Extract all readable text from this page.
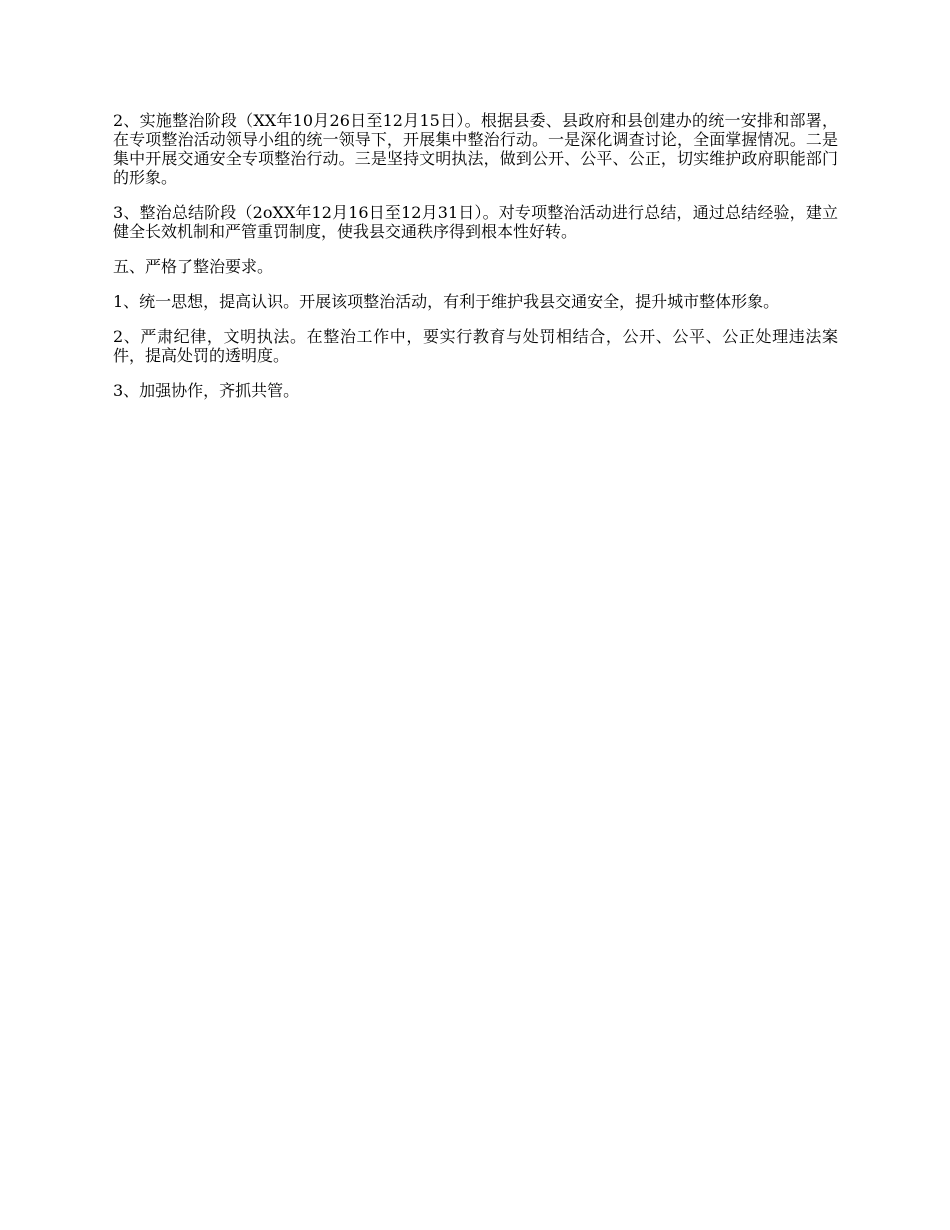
2、实施整治阶段（XX年10月26日至12月15日）。根据县委、县政府和县创建办的统一安排和部署，在专项整治活动领导小组的统一领导下，开展集中整治行动。一是深化调查讨论，全面掌握情况。二是集中开展交通安全专项整治行动。三是坚持文明执法，做到公开、公平、公正，切实维护政府职能部门的形象。

3、整治总结阶段（2oXX年12月16日至12月31日）。对专项整治活动进行总结，通过总结经验，建立健全长效机制和严管重罚制度，使我县交通秩序得到根本性好转。

五、严格了整治要求。

1、统一思想，提高认识。开展该项整治活动，有利于维护我县交通安全，提升城市整体形象。

2、严肃纪律，文明执法。在整治工作中，要实行教育与处罚相结合，公开、公平、公正处理违法案件，提高处罚的透明度。

3、加强协作，齐抓共管。
